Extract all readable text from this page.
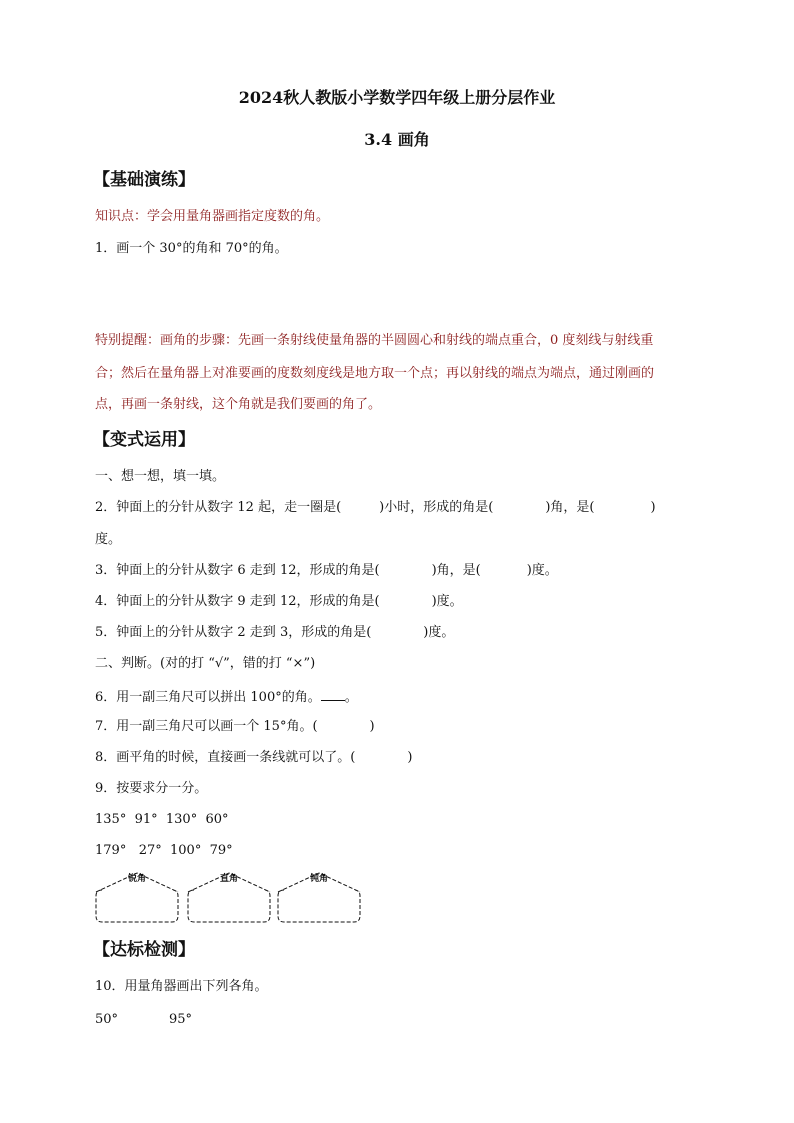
2024秋人教版小学数学四年级上册分层作业
3.4 画角
【基础演练】
知识点：学会用量角器画指定度数的角。
1．画一个 30°的角和 70°的角。
特别提醒：画角的步骤：先画一条射线使量角器的半圆圆心和射线的端点重合，0 度刻线与射线重
合；然后在量角器上对准要画的度数刻度线是地方取一个点；再以射线的端点为端点，通过刚画的
点，再画一条射线，这个角就是我们要画的角了。
【变式运用】
一、想一想，填一填。
2．钟面上的分针从数字 12 起，走一圈是(	)小时，形成的角是(	)角，是(	)
度。
3．钟面上的分针从数字 6 走到 12，形成的角是(	)角，是(	)度。
4．钟面上的分针从数字 9 走到 12，形成的角是(	)度。
5．钟面上的分针从数字 2 走到 3，形成的角是(	)度。
二、判断。(对的打 “√”，错的打 “×”)
6．用一副三角尺可以拼出 100°的角。 。
7．用一副三角尺可以画一个 15°角。(	)
8．画平角的时候，直接画一条线就可以了。(	)
9．按要求分一分。
135°  91°  130°  60°
179°   27°  100°  79°
锐角	直角	钝角
【达标检测】
10．用量角器画出下列各角。
50°	95°
